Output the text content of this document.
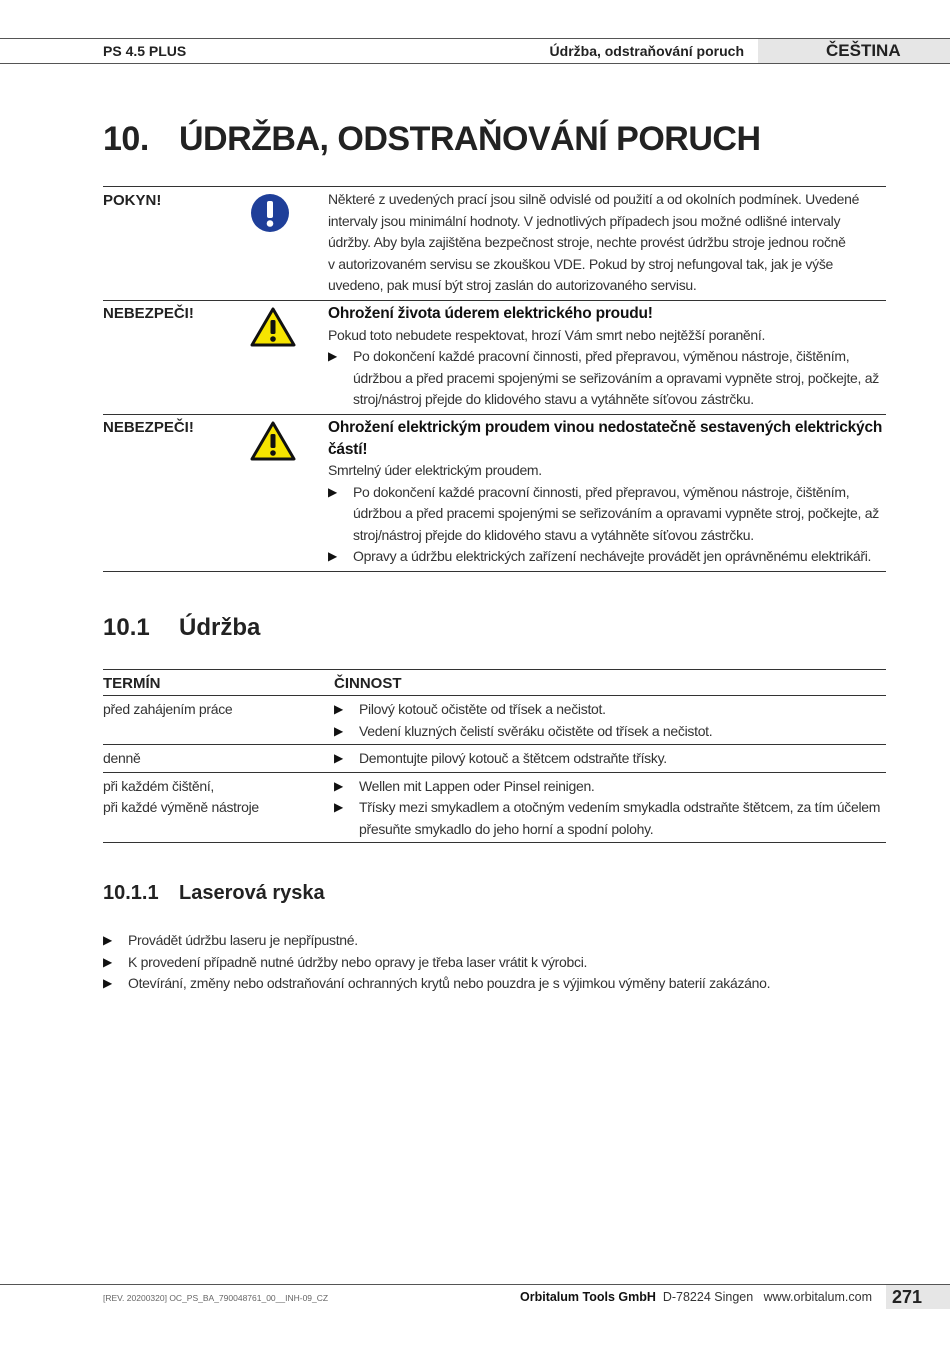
PS 4.5 PLUS	Údržba, odstraňování poruch	ČEŠTINA
10. ÚDRŽBA, ODSTRAŇOVÁNÍ PORUCH
POKYN!	Některé z uvedených prací jsou silně odvislé od použití a od okolních podmínek. Uvedené
intervaly jsou minimální hodnoty. V jednotlivých případech jsou možné odlišné intervaly
údržby. Aby byla zajištěna bezpečnost stroje, nechte provést údržbu stroje jednou ročně
v autorizovaném servisu se zkouškou VDE. Pokud by stroj nefungoval tak, jak je výše
uvedeno, pak musí být stroj zaslán do autorizovaného servisu.
NEBEZPEČI!	Ohrožení života úderem elektrického proudu!
Pokud toto nebudete respektovat, hrozí Vám smrt nebo nejtěžší poranění.
▶	Po dokončení každé pracovní činnosti, před přepravou, výměnou nástroje, čištěním, údržbou a před pracemi spojenými se seřizováním a opravami vypněte stroj, počkejte, až stroj/nástroj přejde do klidového stavu a vytáhněte síťovou zástrčku.
NEBEZPEČI!	Ohrožení elektrickým proudem vinou nedostatečně sestavených elektrických částí!
Smrtelný úder elektrickým proudem.
▶	Po dokončení každé pracovní činnosti, před přepravou, výměnou nástroje, čištěním, údržbou a před pracemi spojenými se seřizováním a opravami vypněte stroj, počkejte, až stroj/nástroj přejde do klidového stavu a vytáhněte síťovou zástrčku.
▶	Opravy a údržbu elektrických zařízení nechávejte provádět jen oprávněnému elektrikáři.
10.1 Údržba
TERMÍN	ČINNOST
před zahájením práce	▶	Pilový kotouč očistěte od třísek a nečistot.
▶	Vedení kluzných čelistí svěráku očistěte od třísek a nečistot.
denně	▶	Demontujte pilový kotouč a štětcem odstraňte třísky.
při každém čištění,
při každé výměně nástroje
▶	Wellen mit Lappen oder Pinsel reinigen.
▶	Třísky mezi smykadlem a otočným vedením smykadla odstraňte štětcem, za tím účelem přesuňte smykadlo do jeho horní a spodní polohy.
10.1.1 Laserová ryska
▶	Provádět údržbu laseru je nepřípustné.
▶	K provedení případně nutné údržby nebo opravy je třeba laser vrátit k výrobci.
▶	Otevírání, změny nebo odstraňování ochranných krytů nebo pouzdra je s výjimkou výměny baterií zakázáno.
[REV. 20200320] OC_PS_BA_790048761_00__INH-09_CZ	Orbitalum Tools GmbH D-78224 Singen www.orbitalum.com 271
